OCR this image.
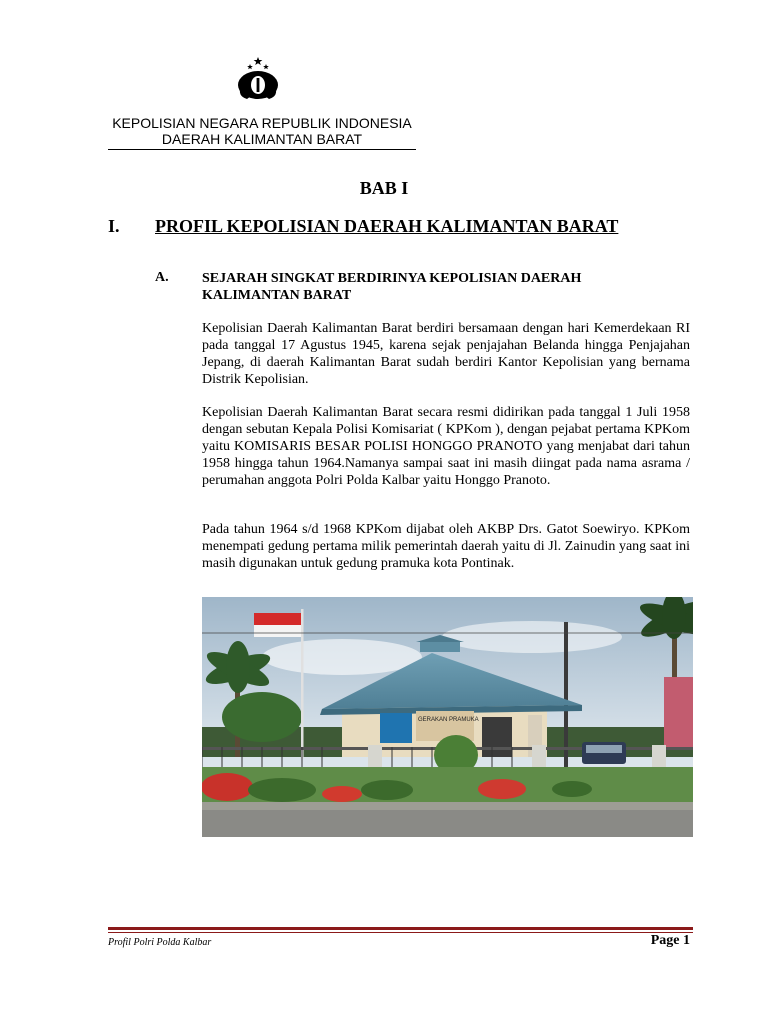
KEPOLISIAN NEGARA REPUBLIK INDONESIA
DAERAH KALIMANTAN BARAT
BAB I
I. PROFIL KEPOLISIAN DAERAH KALIMANTAN BARAT
A. SEJARAH SINGKAT BERDIRINYA KEPOLISIAN DAERAH KALIMANTAN BARAT

Kepolisian Daerah Kalimantan Barat berdiri bersamaan dengan hari Kemerdekaan RI pada tanggal 17 Agustus 1945, karena sejak penjajahan Belanda hingga Penjajahan Jepang, di daerah Kalimantan Barat sudah berdiri Kantor Kepolisian yang bernama Distrik Kepolisian.

Kepolisian Daerah Kalimantan Barat secara resmi didirikan pada tanggal 1 Juli 1958 dengan sebutan Kepala Polisi Komisariat ( KPKom ), dengan pejabat pertama KPKom yaitu KOMISARIS BESAR POLISI HONGGO PRANOTO yang menjabat dari tahun 1958 hingga tahun 1964.Namanya sampai saat ini masih diingat pada nama asrama / perumahan anggota Polri Polda Kalbar yaitu Honggo Pranoto.

Pada tahun 1964 s/d 1968 KPKom dijabat oleh AKBP Drs. Gatot Soewiryo. KPKom menempati gedung pertama milik pemerintah daerah yaitu di Jl. Zainudin yang saat ini masih digunakan untuk gedung pramuka kota Pontinak.

GERAKAN PRAMUKA
Profil Polri Polda Kalbar	Page 1
